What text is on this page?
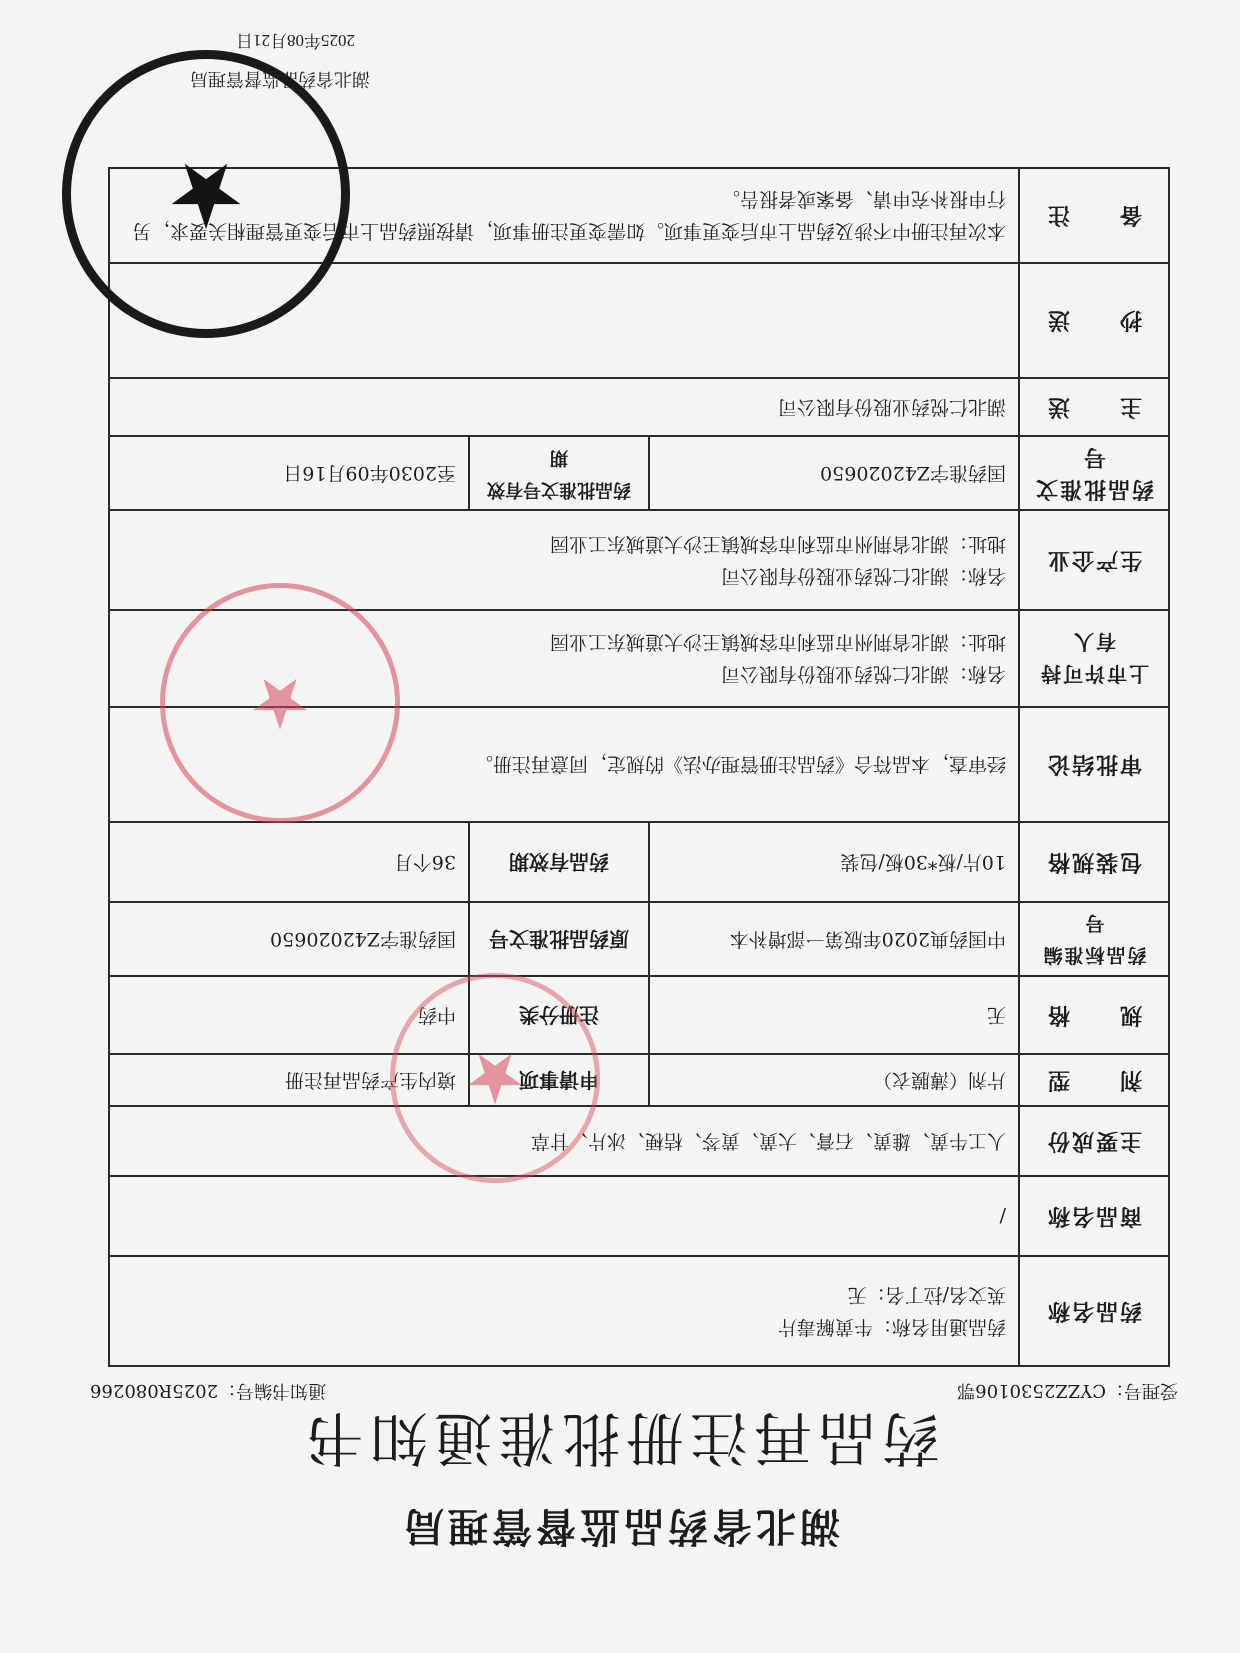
湖北省药品监督管理局
药品再注册批准通知书
受理号：CYZZ2530106鄂
通知书编号：2025R080266
药品名称	药品通用名称：牛黄解毒片
英文名/拉丁名：无		

商品名称	/		
主要成份	人工牛黄、雄黄、石膏、大黄、黄芩、桔梗、冰片、甘草		
剂　　型	片剂（薄膜衣）	申请事项	境内生产药品再注册
规　　格	无	注册分类	中药
药品标准编号	中国药典2020年版第一部增补本	原药品批准文号	国药准字Z42020650
包装规格	10片/板*30板/包装	药品有效期	36个月
审批结论	经审查，本品符合《药品注册管理办法》的规定，同意再注册。		
上市许可持有人	名称：湖北仁悦药业股份有限公司
地址：湖北省荆州市监利市容城镇王沙大道城东工业园		

生产企业	名称：湖北仁悦药业股份有限公司
地址：湖北省荆州市监利市容城镇王沙大道城东工业园		

药品批准文号	国药准字Z42020650	药品批准文号有效期	至2030年09月16日
主　　送	湖北仁悦药业股份有限公司		
抄　　送			
备　　注	本次再注册中不涉及药品上市后变更事项。如需变更注册事项，请按照药品上市后变更管理相关要求，另行申报补充申请、备案或者报告。		
★
★
★
湖北省药品监督管理局
2025年08月21日
